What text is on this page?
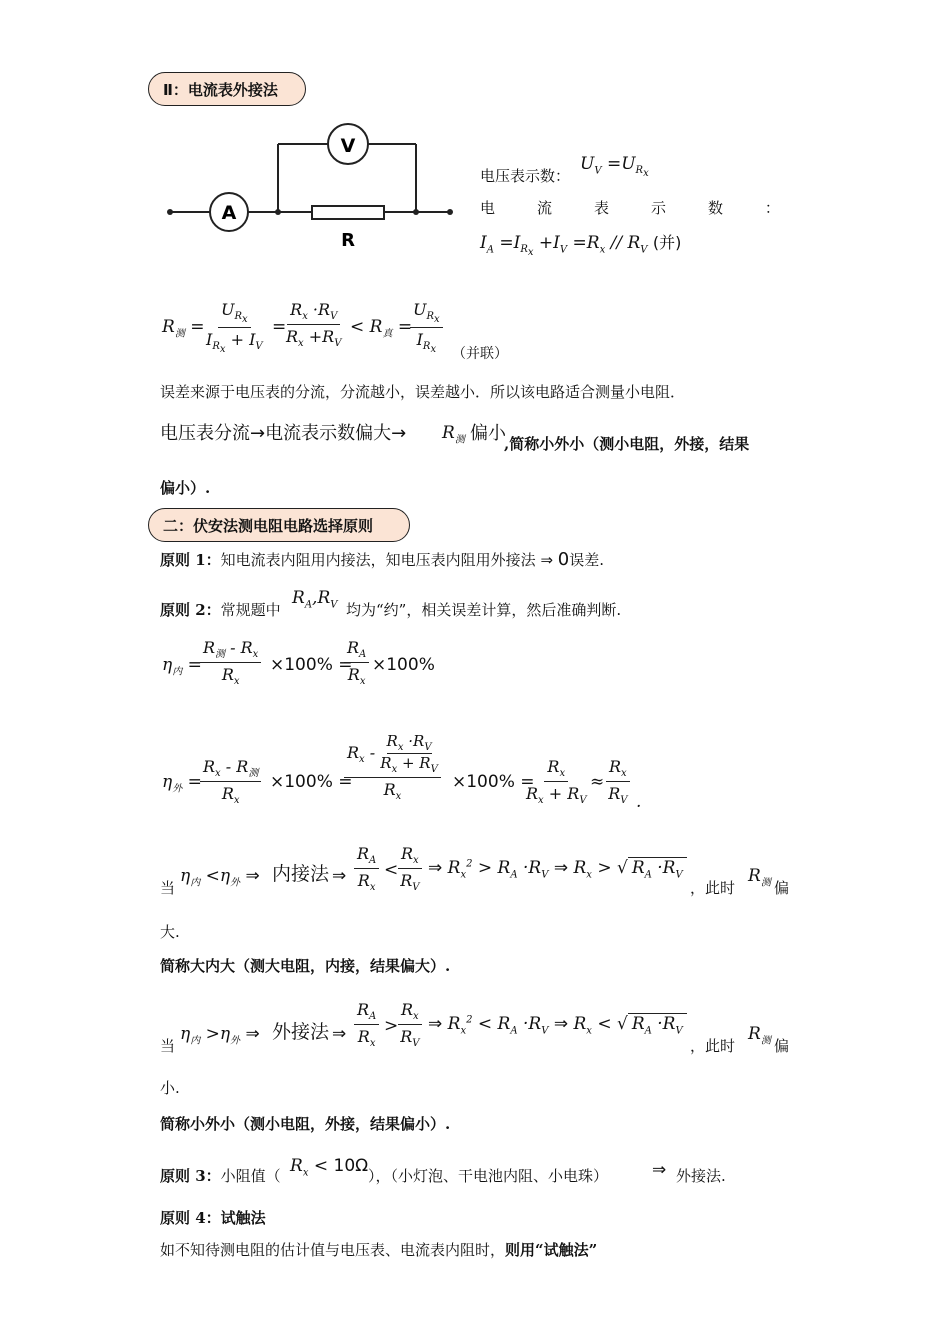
Ⅱ：电流表外接法
A
V
R
电压表示数：
$U_V =U_{R_x}$
电	流	表	示	数	：
$I_A =I_{R_x} +I_V =R_x // R_V$ (并)
$R_测$ =
$U_{R_x}$
$I_{R_x} + I_V$
=
$R_x \cdot R_V$
$R_x +R_V$
< $R_真$ =
$U_{R_x}$
$I_{R_x}$ （并联）
误差来源于电压表的分流，分流越小，误差越小．所以该电路适合测量小电阻．
电压表分流→电流表示数偏大→ $R_测$ 偏小
,简称小外小（测小电阻，外接，结果
偏小）.
二：伏安法测电阻电路选择原则
原则 1：知电流表内阻用内接法，知电压表内阻用外接法 ⇒ 0误差.
原则 2：常规题中
$R_A,R_V$ 均为“约”，相关误差计算，然后准确判断.
$\eta_内$ =
$R_测 - R_x$
$R_x$
×100% =
$R_A$
$R_x$
×100%
$\eta_外$ =
$R_x - R_测$
$R_x$
×100% =
$R_x - \frac{R_x \cdot R_V}{R_x + R_V}$
$R_x$
×100% =
$R_x$
$R_x + R_V$
≈
$R_x$
$R_V$ .
当
$\eta_内 <\eta_外$ ⇒ 内接法 ⇒
$R_A$
$R_x$
<
$R_x$
$R_V$
⇒ $R_x^2 > R_A \cdot R_V$ ⇒ $R_x$ > √ $R_A \cdot R_V$
，此时
$R_测$ 偏
大.
简称大内大（测大电阻，内接，结果偏大）.
当
$\eta_内 >\eta_外$ ⇒ 外接法 ⇒
$R_A$
$R_x$
>
$R_x$
$R_V$
⇒ $R_x^2 < R_A \cdot R_V$ ⇒ $R_x$ < √ $R_A \cdot R_V$
，此时
$R_测$ 偏
小.
简称小外小（测小电阻，外接，结果偏小）.
原则 3：小阻值（ $R_x < 10\Omega$ ），（小灯泡、干电池内阻、小电珠）	⇒ 外接法.
原则 4：试触法
如不知待测电阻的估计值与电压表、电流表内阻时，则用“试触法”
